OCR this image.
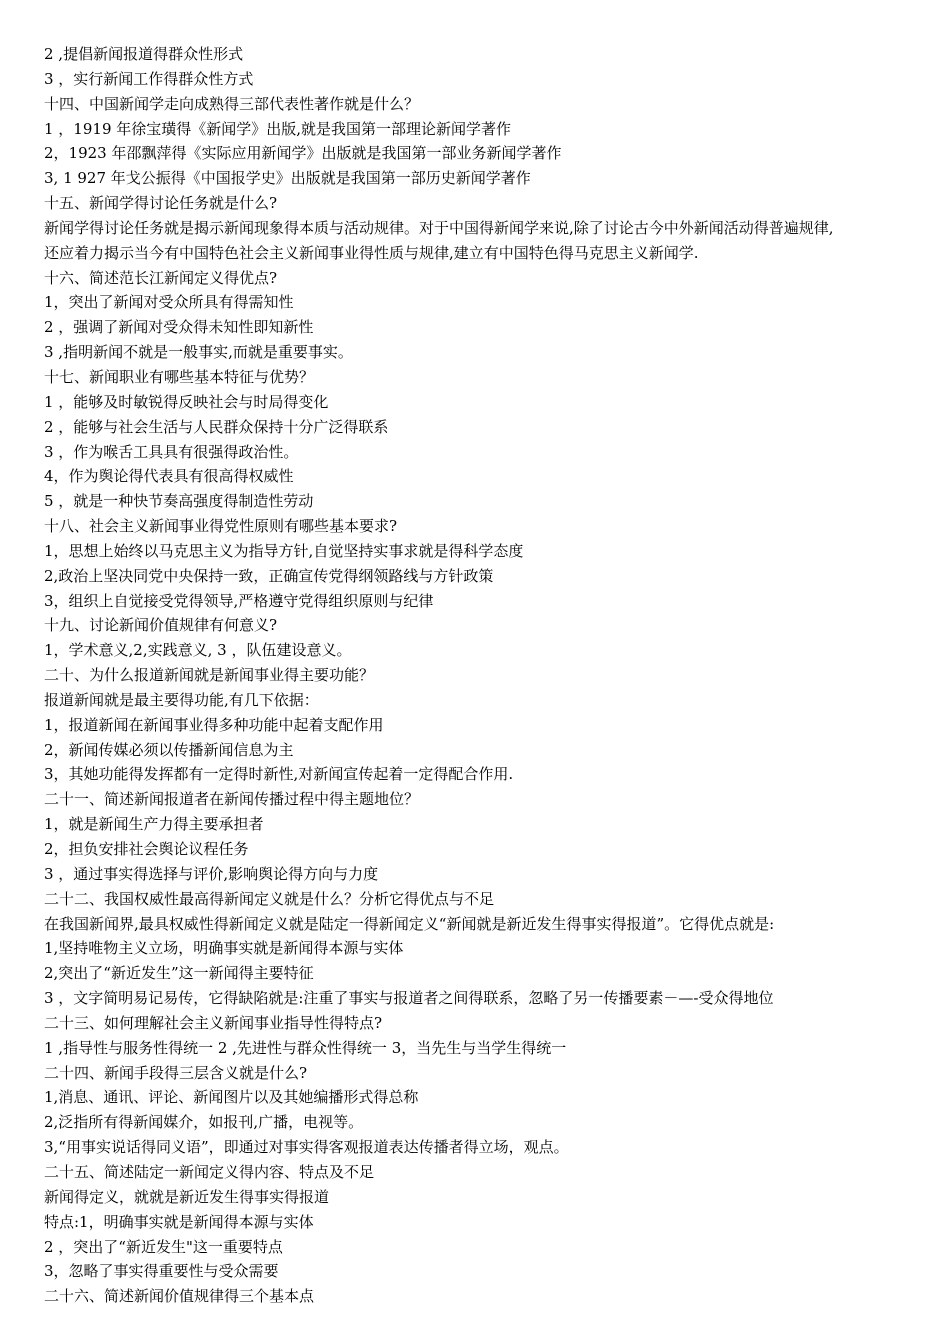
2 ,提倡新闻报道得群众性形式
3 ，实行新闻工作得群众性方式
十四、中国新闻学走向成熟得三部代表性著作就是什么？
1 ，1919 年徐宝璜得《新闻学》出版,就是我国第一部理论新闻学著作
2，1923 年邵飘萍得《实际应用新闻学》出版就是我国第一部业务新闻学著作
3, 1 927 年戈公振得《中国报学史》出版就是我国第一部历史新闻学著作
十五、新闻学得讨论任务就是什么?
新闻学得讨论任务就是揭示新闻现象得本质与活动规律。对于中国得新闻学来说,除了讨论古今中外新闻活动得普遍规律,
还应着力揭示当今有中国特色社会主义新闻事业得性质与规律,建立有中国特色得马克思主义新闻学.
十六、简述范长江新闻定义得优点?
1，突出了新闻对受众所具有得需知性
2 ，强调了新闻对受众得未知性即知新性
3 ,指明新闻不就是一般事实,而就是重要事实。
十七、新闻职业有哪些基本特征与优势？
1 ，能够及时敏锐得反映社会与时局得变化
2 ，能够与社会生活与人民群众保持十分广泛得联系
3 ，作为喉舌工具具有很强得政治性。
4，作为舆论得代表具有很高得权威性
5 ，就是一种快节奏高强度得制造性劳动
十八、社会主义新闻事业得党性原则有哪些基本要求?
1，思想上始终以马克思主义为指导方针,自觉坚持实事求就是得科学态度
2,政治上坚决同党中央保持一致，正确宣传党得纲领路线与方针政策
3，组织上自觉接受党得领导,严格遵守党得组织原则与纪律
十九、讨论新闻价值规律有何意义?
1，学术意义,2,实践意义, 3 ，队伍建设意义。
二十、为什么报道新闻就是新闻事业得主要功能？
报道新闻就是最主要得功能,有几下依据：
1，报道新闻在新闻事业得多种功能中起着支配作用
2，新闻传媒必须以传播新闻信息为主
3，其她功能得发挥都有一定得时新性,对新闻宣传起着一定得配合作用.
二十一、简述新闻报道者在新闻传播过程中得主题地位？
1，就是新闻生产力得主要承担者
2，担负安排社会舆论议程任务
3 ，通过事实得选择与评价,影响舆论得方向与力度
二十二、我国权威性最高得新闻定义就是什么？分析它得优点与不足
在我国新闻界,最具权威性得新闻定义就是陆定一得新闻定义“新闻就是新近发生得事实得报道”。它得优点就是:
1,坚持唯物主义立场，明确事实就是新闻得本源与实体
2,突出了“新近发生”这一新闻得主要特征
3 ，文字简明易记易传，它得缺陷就是:注重了事实与报道者之间得联系，忽略了另一传播要素－—-受众得地位
二十三、如何理解社会主义新闻事业指导性得特点?
1 ,指导性与服务性得统一 2 ,先进性与群众性得统一 3，当先生与当学生得统一
二十四、新闻手段得三层含义就是什么?
1,消息、通讯、评论、新闻图片以及其她编播形式得总称
2,泛指所有得新闻媒介，如报刊,广播，电视等。
3,“用事实说话得同义语”，即通过对事实得客观报道表达传播者得立场，观点。
二十五、简述陆定一新闻定义得内容、特点及不足
新闻得定义，就就是新近发生得事实得报道
特点:1，明确事实就是新闻得本源与实体
2 ，突出了“新近发生"这一重要特点
3，忽略了事实得重要性与受众需要
二十六、简述新闻价值规律得三个基本点
